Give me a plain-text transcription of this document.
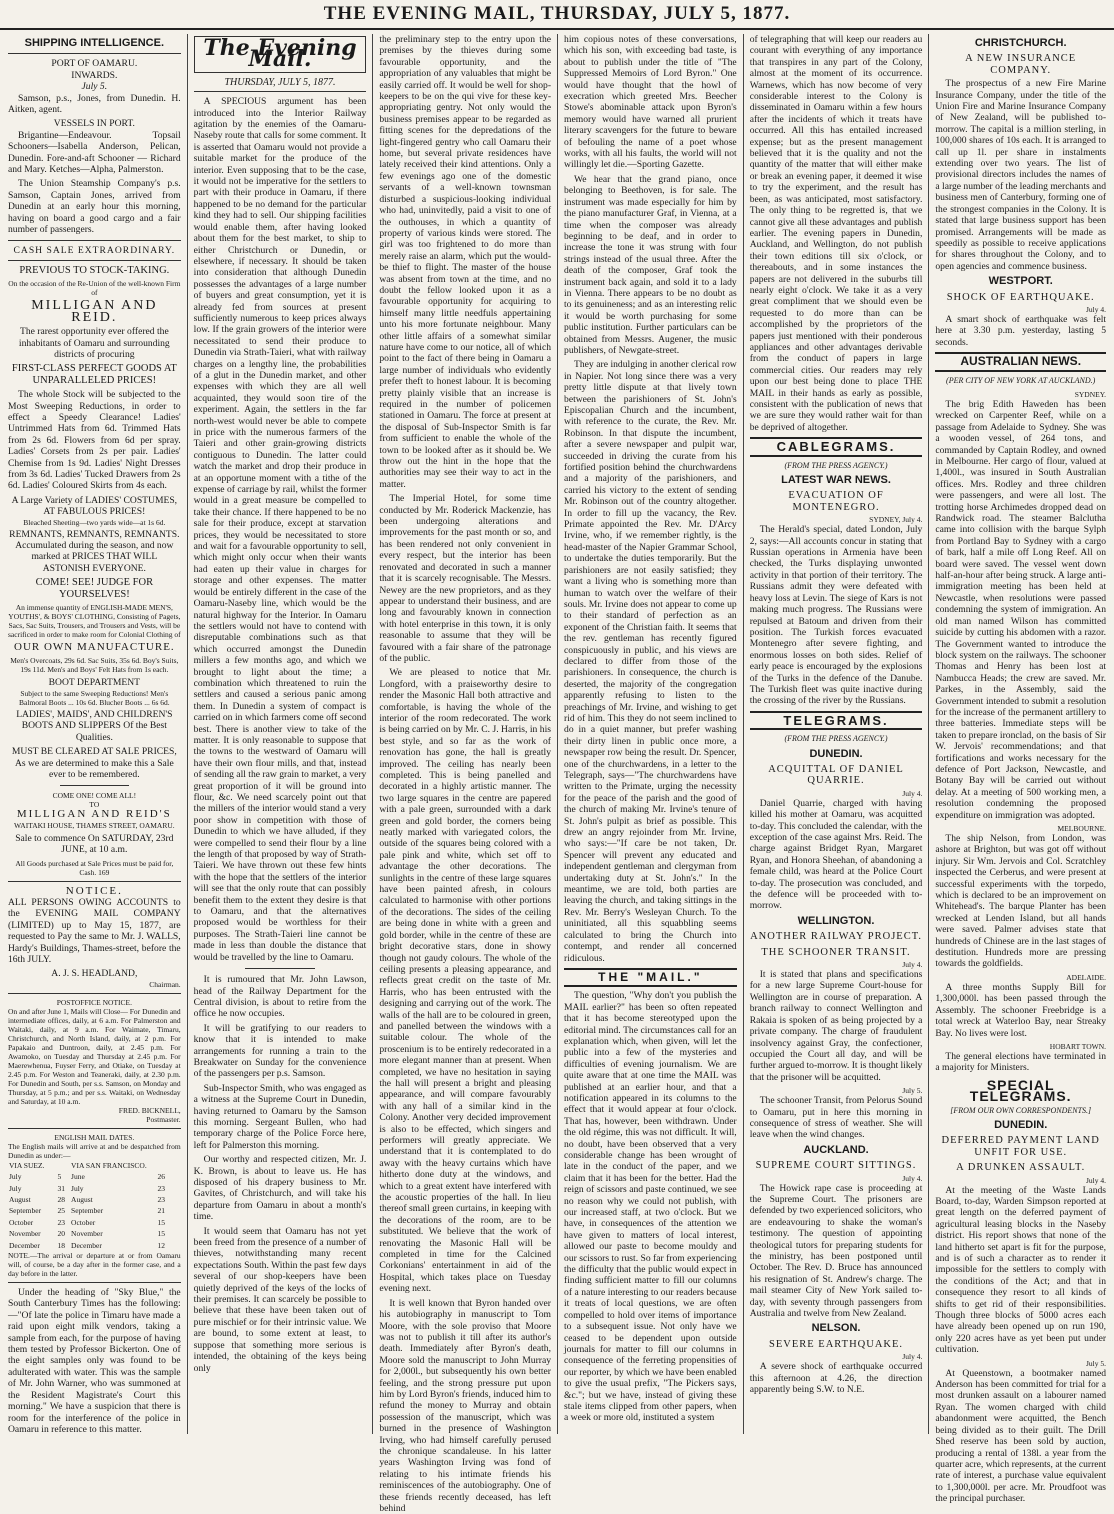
THE EVENING MAIL, THURSDAY, JULY 5, 1877.
SHIPPING INTELLIGENCE.
PORT OF OAMARU.
INWARDS.
July 5.

Samson, p.s., Jones, from Dunedin. H. Aitken, agent.

VESSELS IN PORT.

Brigantine—Endeavour. Topsail Schooners—Isabella Anderson, Pelican, Dunedin. Fore-and-aft Schooner — Richard and Mary. Ketches—Alpha, Palmerston.

The Union Steamship Company's p.s. Samson, Captain Jones, arrived from Dunedin at an early hour this morning, having on board a good cargo and a fair number of passengers.

CASH SALE EXTRAORDINARY.
PREVIOUS TO STOCK-TAKING.
On the occasion of the Re-Union of the well-known Firm of
MILLIGAN AND REID.

The rarest opportunity ever offered the inhabitants of Oamaru and surrounding districts of procuring

FIRST-CLASS PERFECT GOODS AT UNPARALLELED PRICES!

The whole Stock will be subjected to the Most Sweeping Reductions, in order to effect a Speedy Clearance! Ladies' Untrimmed Hats from 6d. Trimmed Hats from 2s 6d. Flowers from 6d per spray. Ladies' Corsets from 2s per pair. Ladies' Chemise from 1s 9d. Ladies' Night Dresses from 3s 6d. Ladies' Tucked Drawers from 2s 6d. Ladies' Coloured Skirts from 4s each.

A Large Variety of LADIES' COSTUMES, AT FABULOUS PRICES!
Bleached Sheeting—two yards wide—at 1s 6d.
REMNANTS, REMNANTS, REMNANTS. Accumulated during the season, and now marked at PRICES THAT WILL ASTONISH EVERYONE.
COME! SEE! JUDGE FOR YOURSELVES!
An immense quantity of ENGLISH-MADE MEN'S, YOUTHS', & BOYS' CLOTHING, Consisting of Pagets, Sacs, Sac Suits, Trousers, and Trousers and Vests, will be sacrificed in order to make room for Colonial Clothing of
OUR OWN MANUFACTURE.
Men's Overcoats, 29s 6d. Sac Suits, 35s 6d. Boy's Suits, 19s 11d. Men's and Boys' Felt Hats from 1s each.
BOOT DEPARTMENT
Subject to the same Sweeping Reductions! Men's Balmoral Boots ... 10s 6d. Blucher Boots ... 6s 6d.
LADIES', MAIDS', AND CHILDREN'S BOOTS AND SLIPPERS Of the Best Qualities.
MUST BE CLEARED AT SALE PRICES, As we are determined to make this a Sale ever to be remembered.
COME ONE! COME ALL!
TO
MILLIGAN AND REID'S
WAITAKI HOUSE, THAMES STREET, OAMARU.
Sale to commence On SATURDAY, 23rd JUNE, at 10 a.m.
All Goods purchased at Sale Prices must be paid for, Cash. 169
NOTICE.

ALL PERSONS OWING ACCOUNTS to the EVENING MAIL COMPANY (LIMITED) up to May 15, 1877, are requested to Pay the same to Mr. J. WALLS, Hardy's Buildings, Thames-street, before the 16th JULY.

A. J. S. HEADLAND,
Chairman.
POSTOFFICE NOTICE.
On and after June 1, Mails will Close— For Dunedin and intermediate offices, daily, at 6 a.m. For Palmerston and Waitaki, daily, at 9 a.m. For Waimate, Timaru, Christchurch, and North Island, daily, at 2 p.m. For Papakaio and Duntroon, daily, at 2.45 p.m. For Awamoko, on Tuesday and Thursday at 2.45 p.m. For Maerewhenua, Fuyser Ferry, and Otiake, on Tuesday at 2.45 p.m. For Weston and Teaneraki, daily, at 2.30 p.m. For Dunedin and South, per s.s. Samson, on Monday and Thursday, at 5 p.m.; and per s.s. Waitaki, on Wednesday and Saturday, at 10 a.m.
FRED. BICKNELL,
Postmaster.
ENGLISH MAIL DATES.
The English mails will arrive at and be despatched from Dunedin as under:—
VIA SUEZ.		VIA SAN FRANCISCO.	
July	5	June	26
July	31	July	23
August	28	August	23
September	25	September	21
October	23	October	15
November	20	November	15
December	18	December	12
NOTE.—The arrival or departure at or from Oamaru will, of course, be a day after in the former case, and a day before in the latter.

Under the heading of "Sky Blue," the South Canterbury Times has the following:—"Of late the police in Timaru have made a raid upon eight milk vendors, taking a sample from each, for the purpose of having them tested by Professor Bickerton. One of the eight samples only was found to be adulterated with water. This was the sample of Mr. John Warner, who was summoned at the Resident Magistrate's Court this morning." We have a suspicion that there is room for the interference of the police in Oamaru in reference to this matter.

The Evening Mail.
THURSDAY, JULY 5, 1877.

A SPECIOUS argument has been introduced into the Interior Railway agitation by the enemies of the Oamaru-Naseby route that calls for some comment. It is asserted that Oamaru would not provide a suitable market for the produce of the interior. Even supposing that to be the case, it would not be imperative for the settlers to part with their produce in Oamaru, if there happened to be no demand for the particular kind they had to sell. Our shipping facilities would enable them, after having looked about them for the best market, to ship to either Christchurch or Dunedin, or elsewhere, if necessary. It should be taken into consideration that although Dunedin possesses the advantages of a large number of buyers and great consumption, yet it is already fed from sources at present sufficiently numerous to keep prices always low. If the grain growers of the interior were necessitated to send their produce to Dunedin via Strath-Taieri, what with railway charges on a lengthy line, the probabilities of a glut in the Dunedin market, and other expenses with which they are all well acquainted, they would soon tire of the experiment. Again, the settlers in the far north-west would never be able to compete in price with the numerous farmers of the Taieri and other grain-growing districts contiguous to Dunedin. The latter could watch the market and drop their produce in at an opportune moment with a tithe of the expense of carriage by rail, whilst the former would in a great measure be compelled to take their chance. If there happened to be no sale for their produce, except at starvation prices, they would be necessitated to store and wait for a favourable opportunity to sell, which might only occur when their wants had eaten up their value in charges for storage and other expenses. The matter would be entirely different in the case of the Oamaru-Naseby line, which would be the natural highway for the Interior. In Oamaru the settlers would not have to contend with disreputable combinations such as that which occurred amongst the Dunedin millers a few months ago, and which we brought to light about the time; a combination which threatened to ruin the settlers and caused a serious panic among them. In Dunedin a system of compact is carried on in which farmers come off second best. There is another view to take of the matter. It is only reasonable to suppose that the towns to the westward of Oamaru will have their own flour mills, and that, instead of sending all the raw grain to market, a very great proportion of it will be ground into flour, &c. We need scarcely point out that the millers of the interior would stand a very poor show in competition with those of Dunedin to which we have alluded, if they were compelled to send their flour by a line the length of that proposed by way of Strath-Taieri. We have thrown out these few hints with the hope that the settlers of the interior will see that the only route that can possibly benefit them to the extent they desire is that to Oamaru, and that the alternatives proposed would be worthless for their purposes. The Strath-Taieri line cannot be made in less than double the distance that would be travelled by the line to Oamaru.

It is rumoured that Mr. John Lawson, head of the Railway Department for the Central division, is about to retire from the office he now occupies.

It will be gratifying to our readers to know that it is intended to make arrangements for running a train to the Breakwater on Sunday for the convenience of the passengers per p.s. Samson.

Sub-Inspector Smith, who was engaged as a witness at the Supreme Court in Dunedin, having returned to Oamaru by the Samson this morning. Sergeant Bullen, who had temporary charge of the Police Force here, left for Palmerston this morning.

Our worthy and respected citizen, Mr. J. K. Brown, is about to leave us. He has disposed of his drapery business to Mr. Gavites, of Christchurch, and will take his departure from Oamaru in about a month's time.

It would seem that Oamaru has not yet been freed from the presence of a number of thieves, notwithstanding many recent expectations South. Within the past few days several of our shop-keepers have been quietly deprived of the keys of the locks of their premises. It can scarcely be possible to believe that these have been taken out of pure mischief or for their intrinsic value. We are bound, to some extent at least, to suppose that something more serious is intended, the obtaining of the keys being only

the preliminary step to the entry upon the premises by the thieves during some favourable opportunity, and the appropriation of any valuables that might be easily carried off. It would be well for shop-keepers to be on the qui vive for these key-appropriating gentry. Not only would the business premises appear to be regarded as fitting scenes for the depredations of the light-fingered gentry who call Oamaru their home, but several private residences have lately received their kind attentions. Only a few evenings ago one of the domestic servants of a well-known townsman disturbed a suspicious-looking individual who had, uninvitedly, paid a visit to one of the outhouses, in which a quantity of property of various kinds were stored. The girl was too frightened to do more than merely raise an alarm, which put the would-be thief to flight. The master of the house was absent from town at the time, and no doubt the fellow looked upon it as a favourable opportunity for acquiring to himself many little needfuls appertaining unto his more fortunate neighbour. Many other little affairs of a somewhat similar nature have come to our notice, all of which point to the fact of there being in Oamaru a large number of individuals who evidently prefer theft to honest labour. It is becoming pretty plainly visible that an increase is required in the number of policemen stationed in Oamaru. The force at present at the disposal of Sub-Inspector Smith is far from sufficient to enable the whole of the town to be looked after as it should be. We throw out the hint in the hope that the authorities may see their way to act in the matter.

The Imperial Hotel, for some time conducted by Mr. Roderick Mackenzie, has been undergoing alterations and improvements for the past month or so, and has been rendered not only convenient in every respect, but the interior has been renovated and decorated in such a manner that it is scarcely recognisable. The Messrs. Newey are the new proprietors, and as they appear to understand their business, and are long and favourably known in connection with hotel enterprise in this town, it is only reasonable to assume that they will be favoured with a fair share of the patronage of the public.

We are pleased to notice that Mr. Longford, with a praiseworthy desire to render the Masonic Hall both attractive and comfortable, is having the whole of the interior of the room redecorated. The work is being carried on by Mr. C. J. Harris, in his best style, and so far as the work of renovation has gone, the hall is greatly improved. The ceiling has nearly been completed. This is being panelled and decorated in a highly artistic manner. The two large squares in the centre are papered with a pale green, surrounded with a dark green and gold border, the corners being neatly marked with variegated colors, the outside of the squares being colored with a pale pink and white, which set off to advantage the other decorations. The sunlights in the centre of these large squares have been painted afresh, in colours calculated to harmonise with other portions of the decorations. The sides of the ceiling are being done in white with a green and gold border, while in the centre of these are bright decorative stars, done in showy though not gaudy colours. The whole of the ceiling presents a pleasing appearance, and reflects great credit on the taste of Mr. Harris, who has been entrusted with the designing and carrying out of the work. The walls of the hall are to be coloured in green, and panelled between the windows with a suitable colour. The whole of the proscenium is to be entirely redecorated in a more elegant manner than at present. When completed, we have no hesitation in saying the hall will present a bright and pleasing appearance, and will compare favourably with any hall of a similar kind in the Colony. Another very decided improvement is also to be effected, which singers and performers will greatly appreciate. We understand that it is contemplated to do away with the heavy curtains which have hitherto done duty at the windows, and which to a great extent have interfered with the acoustic properties of the hall. In lieu thereof small green curtains, in keeping with the decorations of the room, are to be substituted. We believe that the work of renovating the Masonic Hall will be completed in time for the Calcined Corkonians' entertainment in aid of the Hospital, which takes place on Tuesday evening next.

It is well known that Byron handed over his autobiography in manuscript to Tom Moore, with the sole proviso that Moore was not to publish it till after its author's death. Immediately after Byron's death, Moore sold the manuscript to John Murray for 2,000l., but subsequently his own better feeling, and the strong pressure put upon him by Lord Byron's friends, induced him to refund the money to Murray and obtain possession of the manuscript, which was burned in the presence of Washington Irving, who had himself carefully perused the chronique scandaleuse. In his latter years Washington Irving was fond of relating to his intimate friends his reminiscences of the autobiography. One of these friends recently deceased, has left behind

him copious notes of these conversations, which his son, with exceeding bad taste, is about to publish under the title of "The Suppressed Memoirs of Lord Byron." One would have thought that the howl of execration which greeted Mrs. Beecher Stowe's abominable attack upon Byron's memory would have warned all prurient literary scavengers for the future to beware of befouling the name of a poet whose works, with all his faults, the world will not willingly let die.—Sporting Gazette.

We hear that the grand piano, once belonging to Beethoven, is for sale. The instrument was made especially for him by the piano manufacturer Graf, in Vienna, at a time when the composer was already beginning to be deaf, and in order to increase the tone it was strung with four strings instead of the usual three. After the death of the composer, Graf took the instrument back again, and sold it to a lady in Vienna. There appears to be no doubt as to its genuineness; and as an interesting relic it would be worth purchasing for some public institution. Further particulars can be obtained from Messrs. Augener, the music publishers, of Newgate-street.

They are indulging in another clerical row in Napier. Not long since there was a very pretty little dispute at that lively town between the parishioners of St. John's Episcopalian Church and the incumbent, with reference to the curate, the Rev. Mr. Robinson. In that dispute the incumbent, after a severe newspaper and pulpit war, succeeded in driving the curate from his fortified position behind the churchwardens and a majority of the parishioners, and carried his victory to the extent of sending Mr. Robinson out of the country altogether. In order to fill up the vacancy, the Rev. Primate appointed the Rev. Mr. D'Arcy Irvine, who, if we remember rightly, is the head-master of the Napier Grammar School, to undertake the duties temporarily. But the parishioners are not easily satisfied; they want a living who is something more than human to watch over the welfare of their souls. Mr. Irvine does not appear to come up to their standard of perfection as an exponent of the Christian faith. It seems that the rev. gentleman has recently figured conspicuously in public, and his views are declared to differ from those of the parishioners. In consequence, the church is deserted, the majority of the congregation apparently refusing to listen to the preachings of Mr. Irvine, and wishing to get rid of him. This they do not seem inclined to do in a quiet manner, but prefer washing their dirty linen in public once more, a newspaper row being the result. Dr. Spencer, one of the churchwardens, in a letter to the Telegraph, says—"The churchwardens have written to the Primate, urging the necessity for the peace of the parish and the good of the church of making Mr. Irvine's tenure of St. John's pulpit as brief as possible. This drew an angry rejoinder from Mr. Irvine, who says:—"If care be not taken, Dr. Spencer will prevent any educated and independent gentleman and clergyman from undertaking duty at St. John's." In the meantime, we are told, both parties are leaving the church, and taking sittings in the Rev. Mr. Berry's Wesleyan Church. To the uninitiated, all this squabbling seems calculated to bring the Church into contempt, and render all concerned ridiculous.

THE "MAIL."

The question, "Why don't you publish the MAIL earlier?" has been so often repeated that it has become stereotyped upon the editorial mind. The circumstances call for an explanation which, when given, will let the public into a few of the mysteries and difficulties of evening journalism. We are quite aware that at one time the MAIL was published at an earlier hour, and that a notification appeared in its columns to the effect that it would appear at four o'clock. That has, however, been withdrawn. Under the old régime, this was not difficult. It will, no doubt, have been observed that a very considerable change has been wrought of late in the conduct of the paper, and we claim that it has been for the better. Had the reign of scissors and paste continued, we see no reason why we could not publish, with our increased staff, at two o'clock. But we have, in consequences of the attention we have given to matters of local interest, allowed our paste to become mouldy and our scissors to rust. So far from experiencing the difficulty that the public would expect in finding sufficient matter to fill our columns of a nature interesting to our readers because it treats of local questions, we are often compelled to hold over items of importance to a subsequent issue. Not only have we ceased to be dependent upon outside journals for matter to fill our columns in consequence of the ferreting propensities of our reporter, by which we have been enabled to give the usual prefix, "The Pickers says, &c."; but we have, instead of giving these stale items clipped from other papers, when a week or more old, instituted a system

of telegraphing that will keep our readers au courant with everything of any importance that transpires in any part of the Colony, almost at the moment of its occurrence. Warnews, which has now become of very considerable interest to the Colony is disseminated in Oamaru within a few hours after the incidents of which it treats have occurred. All this has entailed increased expense; but as the present management believed that it is the quality and not the quantity of the matter that will either make or break an evening paper, it deemed it wise to try the experiment, and the result has been, as was anticipated, most satisfactory. The only thing to be regretted is, that we cannot give all these advantages and publish earlier. The evening papers in Dunedin, Auckland, and Wellington, do not publish their town editions till six o'clock, or thereabouts, and in some instances the papers are not delivered in the suburbs till nearly eight o'clock. We take it as a very great compliment that we should even be requested to do more than can be accomplished by the proprietors of the papers just mentioned with their ponderous appliances and other advantages derivable from the conduct of papers in large commercial cities. Our readers may rely upon our best being done to place THE MAIL in their hands as early as possible, consistent with the publication of news that we are sure they would rather wait for than be deprived of altogether.

CABLEGRAMS.
(FROM THE PRESS AGENCY.)
LATEST WAR NEWS.
EVACUATION OF MONTENEGRO.
SYDNEY, July 4.

The Herald's special, dated London, July 2, says:—All accounts concur in stating that Russian operations in Armenia have been checked, the Turks displaying unwonted activity in that portion of their territory. The Russians admit they were defeated with heavy loss at Levin. The siege of Kars is not making much progress. The Russians were repulsed at Batoum and driven from their position. The Turkish forces evacuated Montenegro after severe fighting, and enormous losses on both sides. Relief of early peace is encouraged by the explosions of the Turks in the defence of the Danube. The Turkish fleet was quite inactive during the crossing of the river by the Russians.

TELEGRAMS.
(FROM THE PRESS AGENCY.)
DUNEDIN.
ACQUITTAL OF DANIEL QUARRIE.
July 4.

Daniel Quarrie, charged with having killed his mother at Oamaru, was acquitted to-day. This concluded the calendar, with the exception of the case against Mrs. Reid. The charge against Bridget Ryan, Margaret Ryan, and Honora Sheehan, of abandoning a female child, was heard at the Police Court to-day. The prosecution was concluded, and the defence will be proceeded with to-morrow.

WELLINGTON.
ANOTHER RAILWAY PROJECT.
THE SCHOONER TRANSIT.
July 4.

It is stated that plans and specifications for a new large Supreme Court-house for Wellington are in course of preparation. A branch railway to connect Wellington and Rakaia is spoken of as being projected by a private company. The charge of fraudulent insolvency against Gray, the confectioner, occupied the Court all day, and will be further argued to-morrow. It is thought likely that the prisoner will be acquitted.

July 5.

The schooner Transit, from Pelorus Sound to Oamaru, put in here this morning in consequence of stress of weather. She will leave when the wind changes.

AUCKLAND.
SUPREME COURT SITTINGS.
July 4.

The Howick rape case is proceeding at the Supreme Court. The prisoners are defended by two experienced solicitors, who are endeavouring to shake the woman's testimony. The question of appointing theological tutors for preparing students for the ministry, has been postponed until October. The Rev. D. Bruce has announced his resignation of St. Andrew's charge. The mail steamer City of New York sailed to-day, with seventy through passengers from Australia and twelve from New Zealand.

NELSON.
SEVERE EARTHQUAKE.
July 4.

A severe shock of earthquake occurred this afternoon at 4.26, the direction apparently being S.W. to N.E.

CHRISTCHURCH.
A NEW INSURANCE COMPANY.

The prospectus of a new Fire Marine Insurance Company, under the title of the Union Fire and Marine Insurance Company of New Zealand, will be published to-morrow. The capital is a million sterling, in 100,000 shares of 10s each. It is arranged to call up 1l. per share in instalments extending over two years. The list of provisional directors includes the names of a large number of the leading merchants and business men of Canterbury, forming one of the strongest companies in the Colony. It is stated that large business support has been promised. Arrangements will be made as speedily as possible to receive applications for shares throughout the Colony, and to open agencies and commence business.

WESTPORT.
SHOCK OF EARTHQUAKE.
July 4.

A smart shock of earthquake was felt here at 3.30 p.m. yesterday, lasting 5 seconds.

AUSTRALIAN NEWS.
(PER CITY OF NEW YORK AT AUCKLAND.)
SYDNEY.

The brig Edith Haweden has been wrecked on Carpenter Reef, while on a passage from Adelaide to Sydney. She was a wooden vessel, of 264 tons, and commanded by Captain Rodley, and owned in Melbourne. Her cargo of flour, valued at 1,400l., was insured in South Australian offices. Mrs. Rodley and three children were passengers, and were all lost. The trotting horse Archimedes dropped dead on Randwick road. The steamer Balclutha came into collision with the barque Sylph from Portland Bay to Sydney with a cargo of bark, half a mile off Long Reef. All on board were saved. The vessel went down half-an-hour after being struck. A large anti-immigration meeting has been held at Newcastle, when resolutions were passed condemning the system of immigration. An old man named Wilson has committed suicide by cutting his abdomen with a razor. The Government wanted to introduce the block system on the railways. The schooner Thomas and Henry has been lost at Nambucca Heads; the crew are saved. Mr. Parkes, in the Assembly, said the Government intended to submit a resolution for the increase of the permanent artillery to three batteries. Immediate steps will be taken to prepare ironclad, on the basis of Sir W. Jervois' recommendations; and that fortifications and works necessary for the defence of Port Jackson, Newcastle, and Botany Bay will be carried out without delay. At a meeting of 500 working men, a resolution condemning the proposed expenditure on immigration was adopted.

MELBOURNE.

The ship Nelson, from London, was ashore at Brighton, but was got off without injury. Sir Wm. Jervois and Col. Scratchley inspected the Cerberus, and were present at successful experiments with the torpedo, which is declared to be an improvement on Whitehead's. The barque Planter has been wrecked at Lenden Island, but all hands were saved. Palmer advises state that hundreds of Chinese are in the last stages of destitution. Hundreds more are pressing towards the goldfields.

ADELAIDE.

A three months Supply Bill for 1,300,000l. has been passed through the Assembly. The schooner Freebridge is a total wreck at Waterloo Bay, near Streaky Bay. No lives were lost.

HOBART TOWN.

The general elections have terminated in a majority for Ministers.

SPECIAL TELEGRAMS.
[FROM OUR OWN CORRESPONDENTS.]
DUNEDIN.
DEFERRED PAYMENT LAND UNFIT FOR USE.
A DRUNKEN ASSAULT.
July 4.

At the meeting of the Waste Lands Board, to-day, Warden Simpson reported at great length on the deferred payment of agricultural leasing blocks in the Naseby district. His report shows that none of the land hitherto set apart is fit for the purpose, and is of such a character as to render it impossible for the settlers to comply with the conditions of the Act; and that in consequence they resort to all kinds of shifts to get rid of their responsibilities. Though three blocks of 5000 acres each have already been opened up on run 190, only 220 acres have as yet been put under cultivation.

July 5.

At Queenstown, a bootmaker named Anderson has been committed for trial for a most drunken assault on a labourer named Ryan. The women charged with child abandonment were acquitted, the Bench being divided as to their guilt. The Drill Shed reserve has been sold by auction, producing a rental of 138l. a year from the quarter acre, which represents, at the current rate of interest, a purchase value equivalent to 1,300,000l. per acre. Mr. Proudfoot was the principal purchaser.
